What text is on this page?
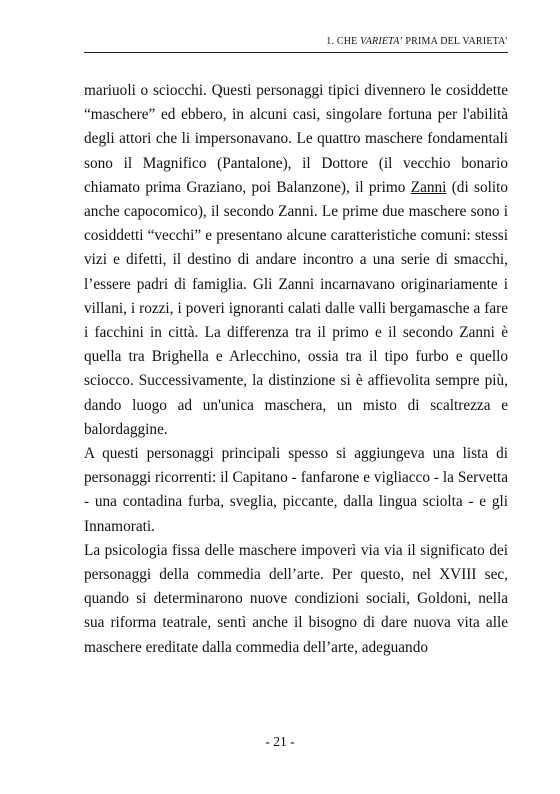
1. CHE VARIETA’ PRIMA DEL VARIETA’

mariuoli o sciocchi. Questi personaggi tipici divennero le cosiddette “maschere” ed ebbero, in alcuni casi, singolare fortuna per l'abilità degli attori che li impersonavano. Le quattro maschere fondamentali sono il Magnifico (Pantalone), il Dottore (il vecchio bonario chiamato prima Graziano, poi Balanzone), il primo Zanni (di solito anche capocomico), il secondo Zanni. Le prime due maschere sono i cosiddetti “vecchi” e presentano alcune caratteristiche comuni: stessi vizi e difetti, il destino di andare incontro a una serie di smacchi, l’essere padri di famiglia. Gli Zanni incarnavano originariamente i villani, i rozzi, i poveri ignoranti calati dalle valli bergamasche a fare i facchini in città. La differenza tra il primo e il secondo Zanni è quella tra Brighella e Arlecchino, ossia tra il tipo furbo e quello sciocco. Successivamente, la distinzione si è affievolita sempre più, dando luogo ad un'unica maschera, un misto di scaltrezza e balordaggine.

A questi personaggi principali spesso si aggiungeva una lista di personaggi ricorrenti: il Capitano - fanfarone e vigliacco - la Servetta - una contadina furba, sveglia, piccante, dalla lingua sciolta - e gli Innamorati.

La psicologia fissa delle maschere impoverì via via il significato dei personaggi della commedia dell’arte. Per questo, nel XVIII sec, quando si determinarono nuove condizioni sociali, Goldoni, nella sua riforma teatrale, sentì anche il bisogno di dare nuova vita alle maschere ereditate dalla commedia dell’arte, adeguando

- 21 -
